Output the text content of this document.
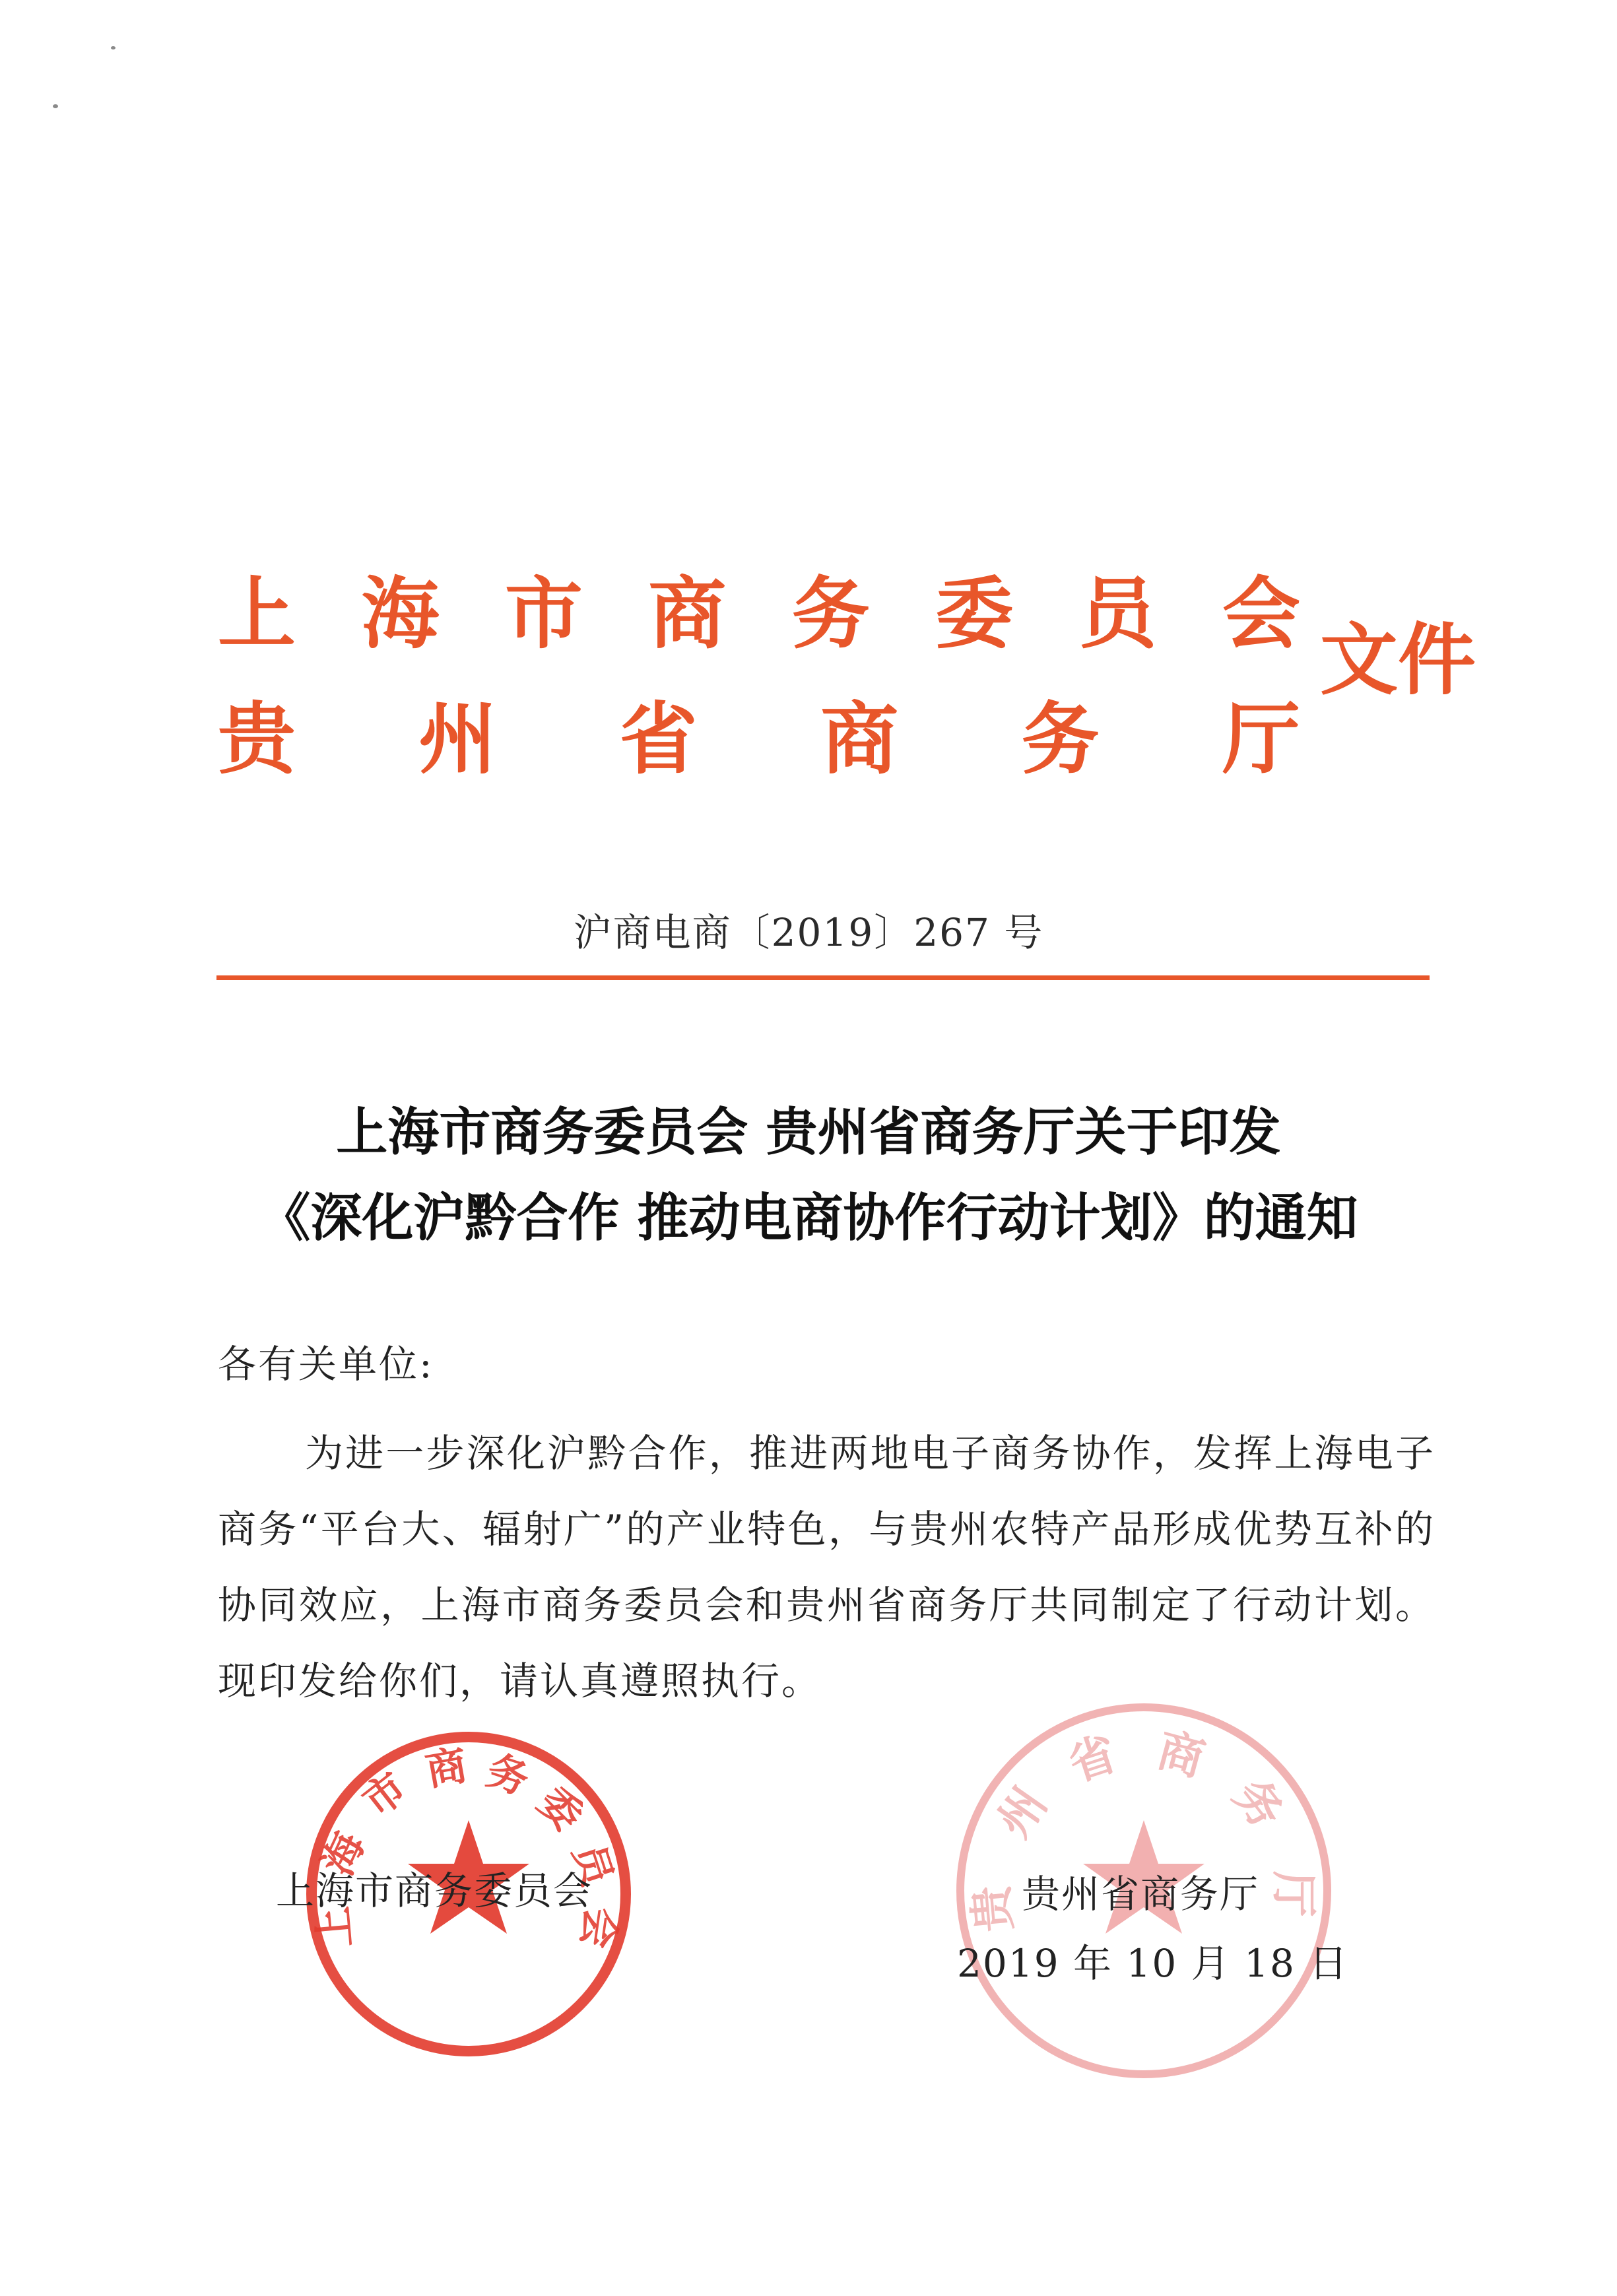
上 海 市 商 务 委 员 会
贵 州 省 商 务 厅
文件
沪商电商〔2019〕267 号
上海市商务委员会 贵州省商务厅关于印发
《深化沪黔合作 推动电商协作行动计划》的通知
各有关单位:
为进一步深化沪黔合作，推进两地电子商务协作，发挥上海电子商务“平台大、辐射广”的产业特色，与贵州农特产品形成优势互补的协同效应，上海市商务委员会和贵州省商务厅共同制定了行动计划。现印发给你们，请认真遵照执行。
上
海
市 商 务
委
员
会	贵
州
省 商
务
厅
上海市商务委员会	贵州省商务厅
2019 年 10 月 18 日
